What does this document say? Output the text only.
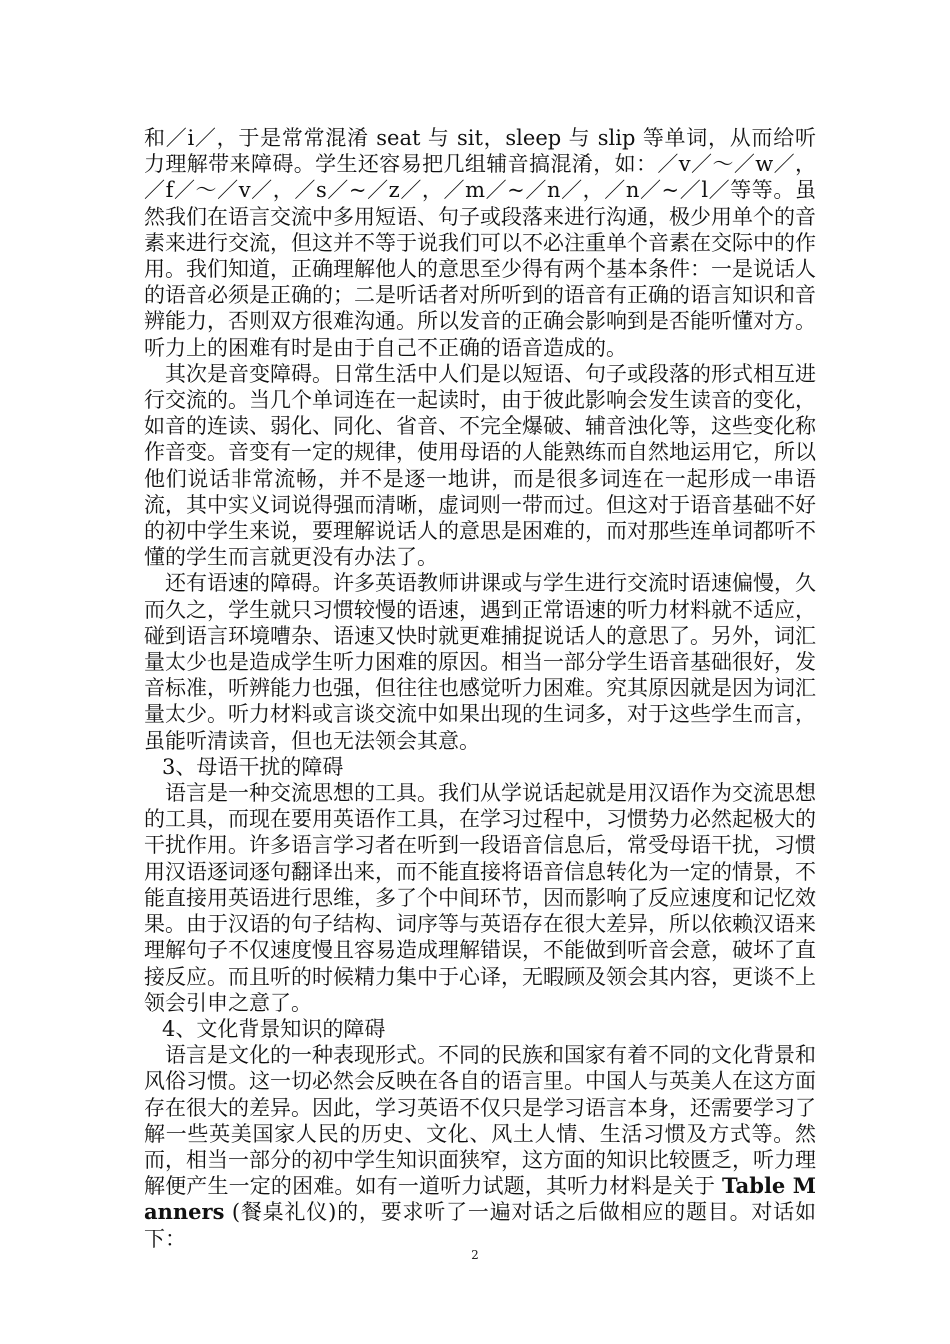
和／i／，于是常常混淆 seat 与 sit，sleep 与 slip 等单词，从而给听力理解带来障碍。学生还容易把几组辅音搞混淆，如：／v／～／w／，／f／～／v／，／s／~／z／，／m／~／n／，／n／~／l／等等。虽然我们在语言交流中多用短语、句子或段落来进行沟通，极少用单个的音素来进行交流，但这并不等于说我们可以不必注重单个音素在交际中的作用。我们知道，正确理解他人的意思至少得有两个基本条件：一是说话人的语音必须是正确的；二是听话者对所听到的语音有正确的语言知识和音辨能力，否则双方很难沟通。所以发音的正确会影响到是否能听懂对方。听力上的困难有时是由于自己不正确的语音造成的。

其次是音变障碍。日常生活中人们是以短语、句子或段落的形式相互进行交流的。当几个单词连在一起读时，由于彼此影响会发生读音的变化，如音的连读、弱化、同化、省音、不完全爆破、辅音浊化等，这些变化称作音变。音变有一定的规律，使用母语的人能熟练而自然地运用它，所以他们说话非常流畅，并不是逐一地讲，而是很多词连在一起形成一串语流，其中实义词说得强而清晰，虚词则一带而过。但这对于语音基础不好的初中学生来说，要理解说话人的意思是困难的，而对那些连单词都听不懂的学生而言就更没有办法了。

还有语速的障碍。许多英语教师讲课或与学生进行交流时语速偏慢，久而久之，学生就只习惯较慢的语速，遇到正常语速的听力材料就不适应，碰到语言环境嘈杂、语速又快时就更难捕捉说话人的意思了。另外，词汇量太少也是造成学生听力困难的原因。相当一部分学生语音基础很好，发音标准，听辨能力也强，但往往也感觉听力困难。究其原因就是因为词汇量太少。听力材料或言谈交流中如果出现的生词多，对于这些学生而言，虽能听清读音，但也无法领会其意。

3、母语干扰的障碍

语言是一种交流思想的工具。我们从学说话起就是用汉语作为交流思想的工具，而现在要用英语作工具，在学习过程中，习惯势力必然起极大的干扰作用。许多语言学习者在听到一段语音信息后，常受母语干扰，习惯用汉语逐词逐句翻译出来，而不能直接将语音信息转化为一定的情景，不能直接用英语进行思维，多了个中间环节，因而影响了反应速度和记忆效果。由于汉语的句子结构、词序等与英语存在很大差异，所以依赖汉语来理解句子不仅速度慢且容易造成理解错误，不能做到听音会意，破坏了直接反应。而且听的时候精力集中于心译，无暇顾及领会其内容，更谈不上领会引申之意了。

4、文化背景知识的障碍

语言是文化的一种表现形式。不同的民族和国家有着不同的文化背景和风俗习惯。这一切必然会反映在各自的语言里。中国人与英美人在这方面存在很大的差异。因此，学习英语不仅只是学习语言本身，还需要学习了解一些英美国家人民的历史、文化、风土人情、生活习惯及方式等。然而，相当一部分的初中学生知识面狭窄，这方面的知识比较匮乏，听力理解便产生一定的困难。如有一道听力试题，其听力材料是关于 Table Manners (餐桌礼仪)的，要求听了一遍对话之后做相应的题目。对话如下：

2
